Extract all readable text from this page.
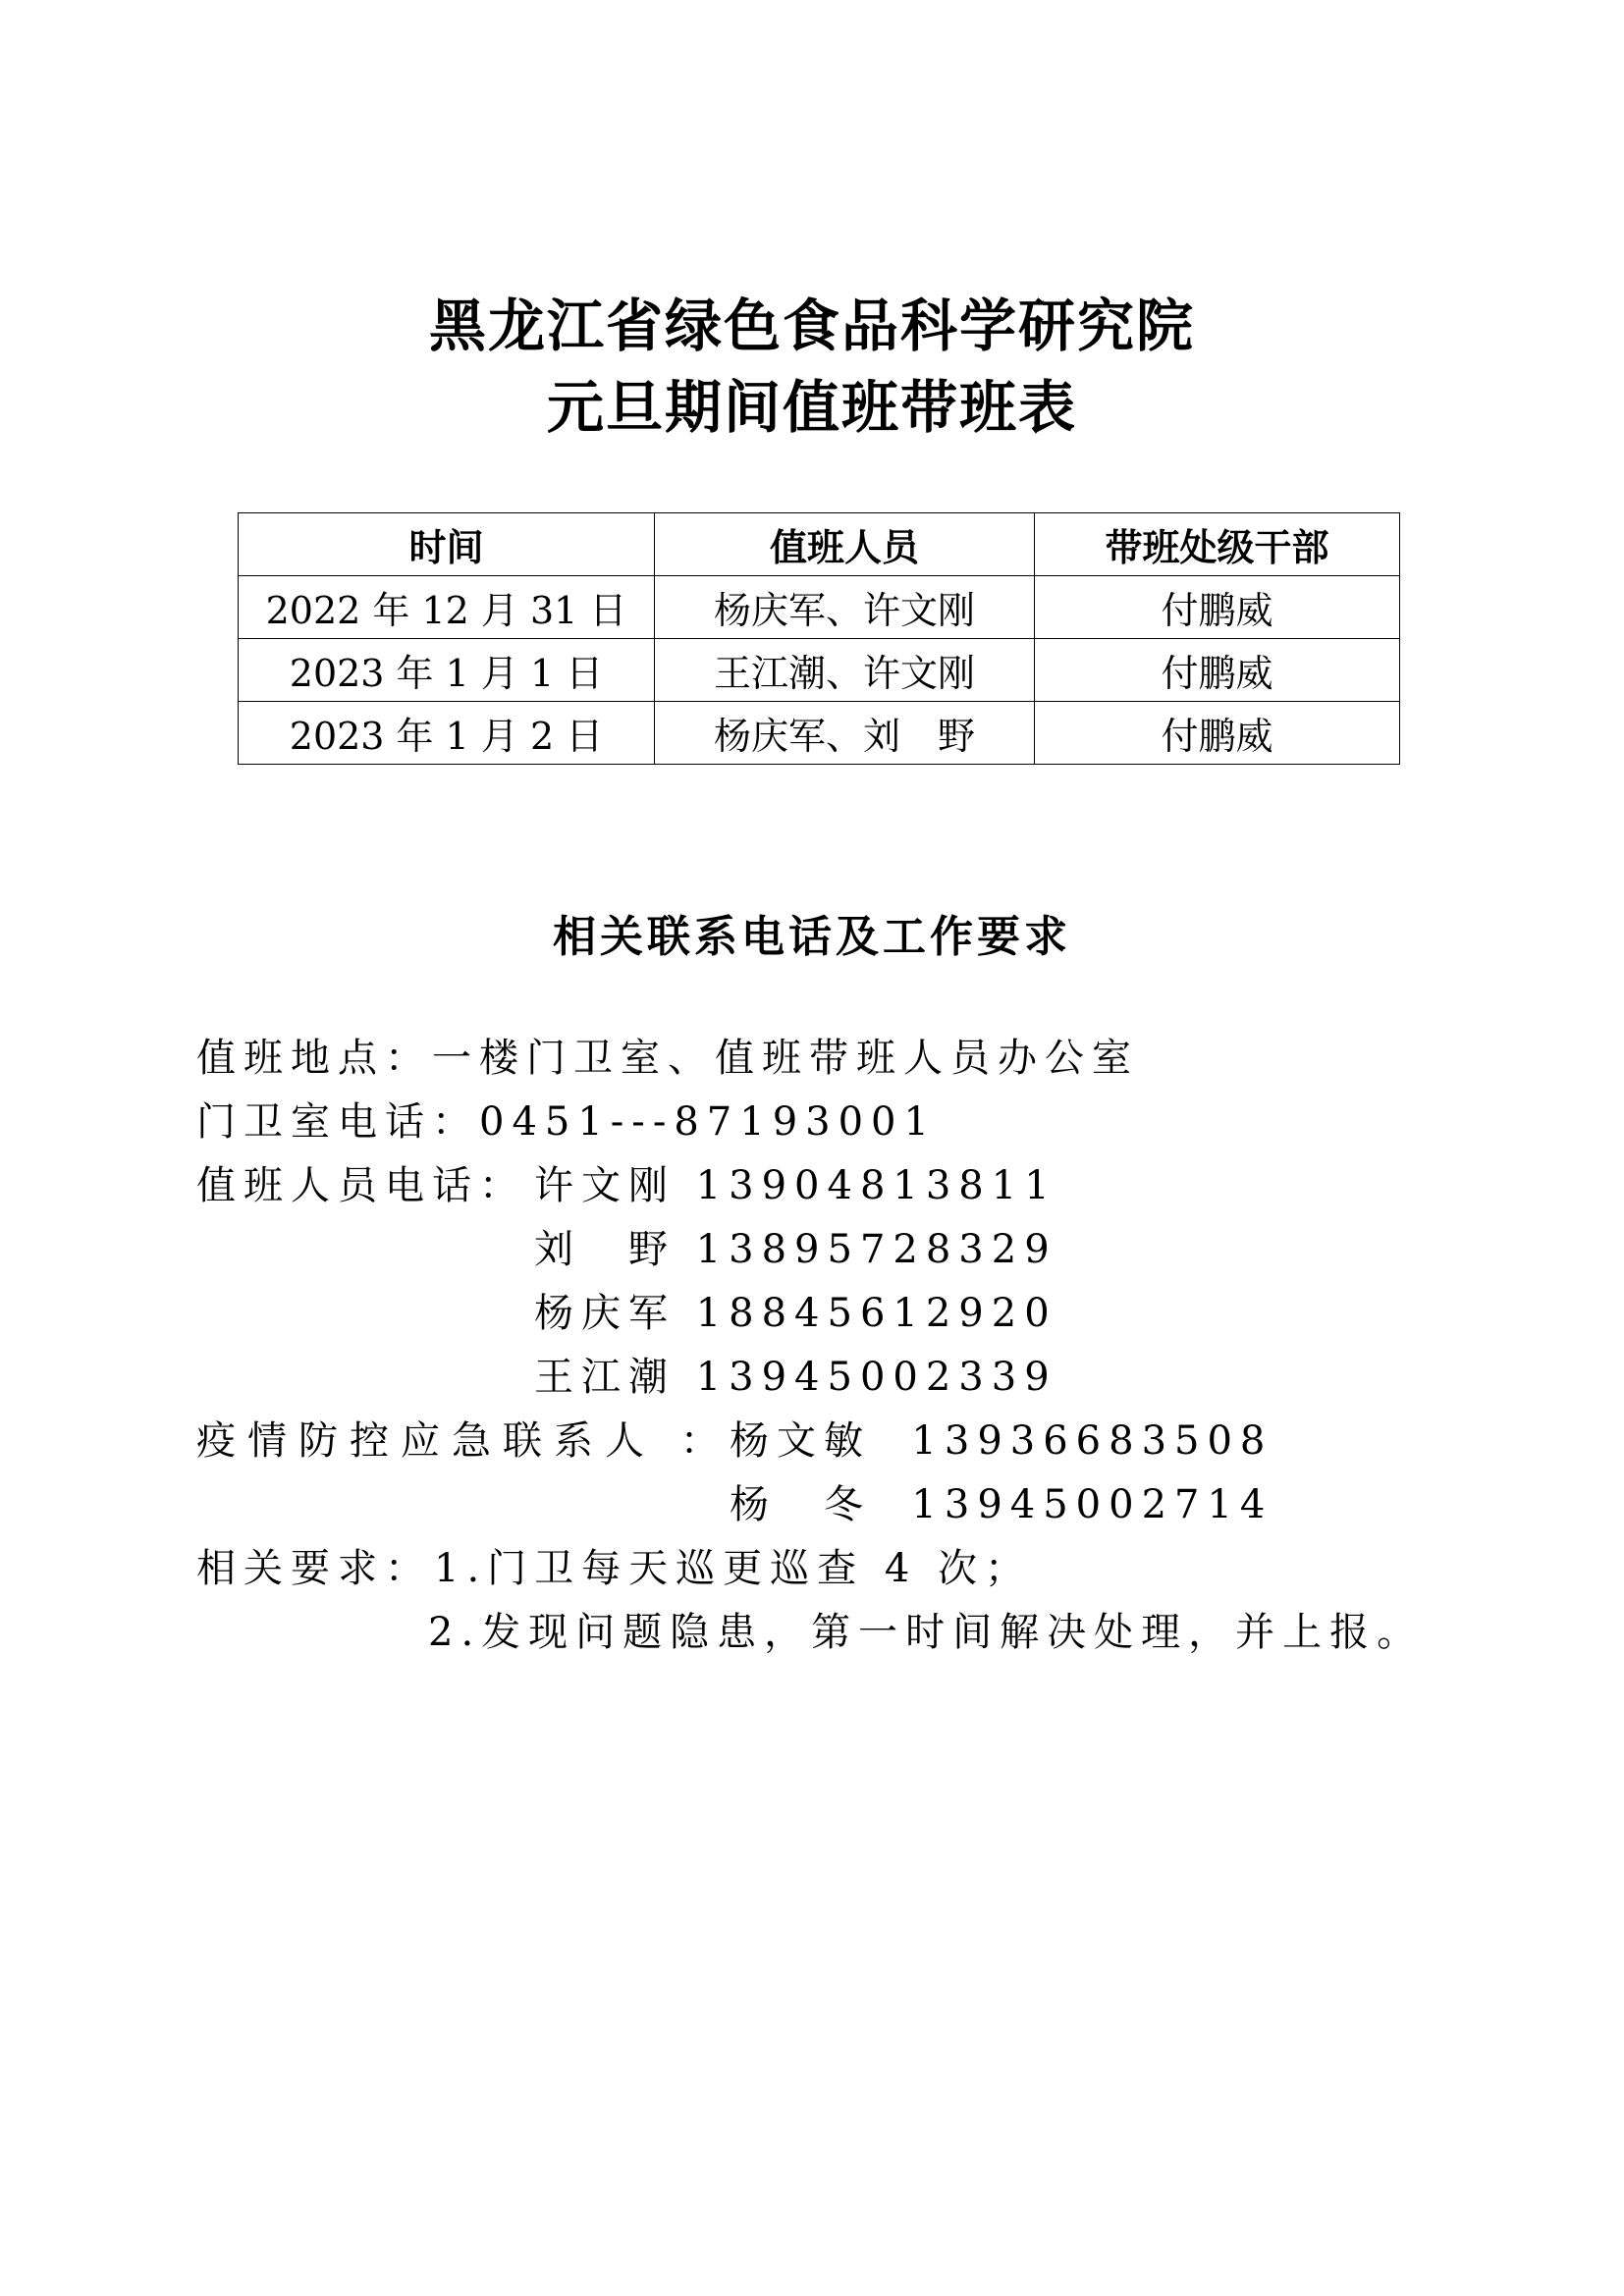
黑龙江省绿色食品科学研究院
元旦期间值班带班表
时间	值班人员	带班处级干部
2022 年 12 月 31 日	杨庆军、许文刚	付鹏威
2023 年 1 月 1 日	王江潮、许文刚	付鹏威
2023 年 1 月 2 日	杨庆军、刘　野	付鹏威
相关联系电话及工作要求
值班地点：一楼门卫室、值班带班人员办公室
门卫室电话：0451---87193001
值班人员电话： 许文刚 13904813811
刘　野 13895728329
杨庆军 18845612920
王江潮 13945002339
疫情防控应急联系人 ：
杨文敏  13936683508
杨　冬  13945002714
相关要求： 1.门卫每天巡更巡查 4 次；
2.发现问题隐患，第一时间解决处理，并上报。
